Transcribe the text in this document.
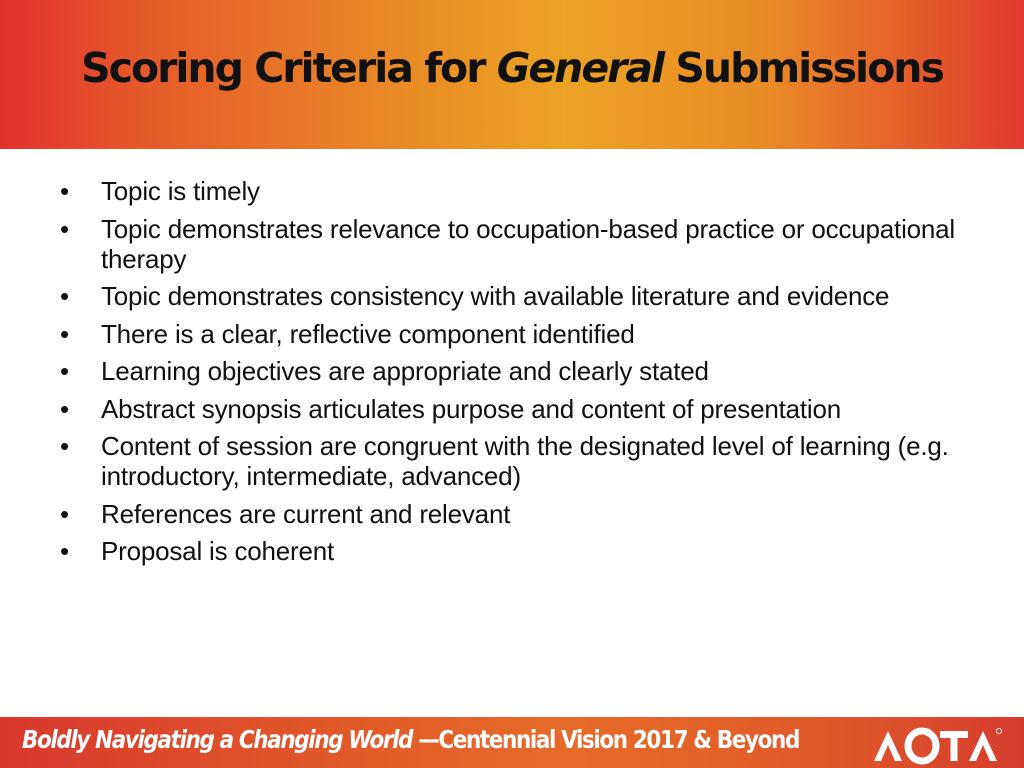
Scoring Criteria for General Submissions
•	Topic is timely
•	Topic demonstrates relevance to occupation-based practice or occupational therapy
•	Topic demonstrates consistency with available literature and evidence
•	There is a clear, reflective component identified
•	Learning objectives are appropriate and clearly stated
•	Abstract synopsis articulates purpose and content of presentation
•	Content of session are congruent with the designated level of learning (e.g. introductory, intermediate, advanced)
•	References are current and relevant
•	Proposal is coherent
Boldly Navigating a Changing World —Centennial Vision 2017 & Beyond
